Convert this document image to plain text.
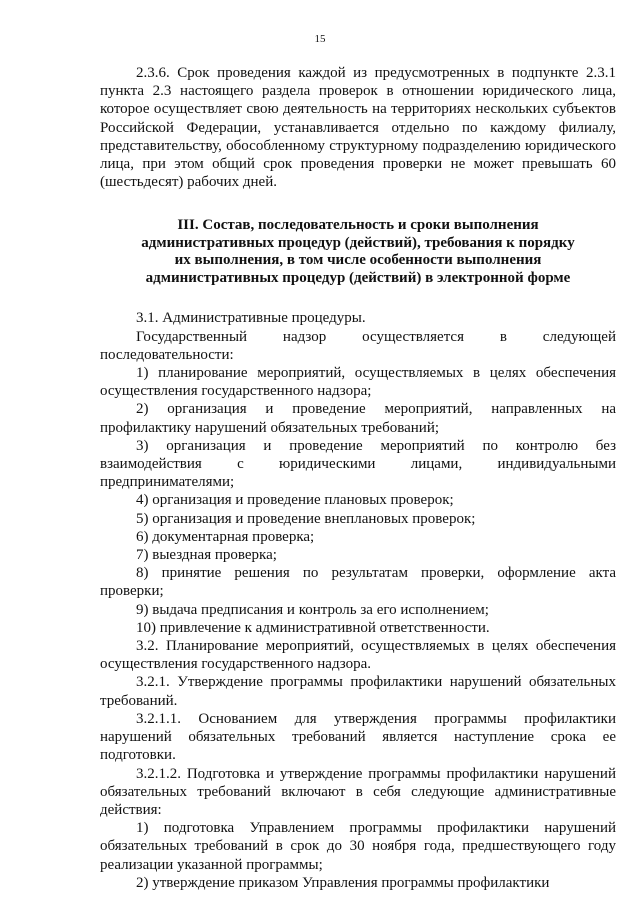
15

2.3.6. Срок проведения каждой из предусмотренных в подпункте 2.3.1 пункта 2.3 настоящего раздела проверок в отношении юридического лица, которое осуществляет свою деятельность на территориях нескольких субъектов Российской Федерации, устанавливается отдельно по каждому филиалу, представительству, обособленному структурному подразделению юридического лица, при этом общий срок проведения проверки не может превышать 60 (шестьдесят) рабочих дней.

III. Состав, последовательность и сроки выполнения
административных процедур (действий), требования к порядку
их выполнения, в том числе особенности выполнения
административных процедур (действий) в электронной форме

3.1. Административные процедуры.

Государственный надзор осуществляется в следующей последовательности:

1) планирование мероприятий, осуществляемых в целях обеспечения осуществления государственного надзора;

2) организация и проведение мероприятий, направленных на профилактику нарушений обязательных требований;

3) организация и проведение мероприятий по контролю без взаимодействия с юридическими лицами, индивидуальными предпринимателями;

4) организация и проведение плановых проверок;

5) организация и проведение внеплановых проверок;

6) документарная проверка;

7) выездная проверка;

8) принятие решения по результатам проверки, оформление акта проверки;

9) выдача предписания и контроль за его исполнением;

10) привлечение к административной ответственности.

3.2. Планирование мероприятий, осуществляемых в целях обеспечения осуществления государственного надзора.

3.2.1. Утверждение программы профилактики нарушений обязательных требований.

3.2.1.1. Основанием для утверждения программы профилактики нарушений обязательных требований является наступление срока ее подготовки.

3.2.1.2. Подготовка и утверждение программы профилактики нарушений обязательных требований включают в себя следующие административные действия:

1) подготовка Управлением программы профилактики нарушений обязательных требований в срок до 30 ноября года, предшествующего году реализации указанной программы;

2) утверждение приказом Управления программы профилактики
